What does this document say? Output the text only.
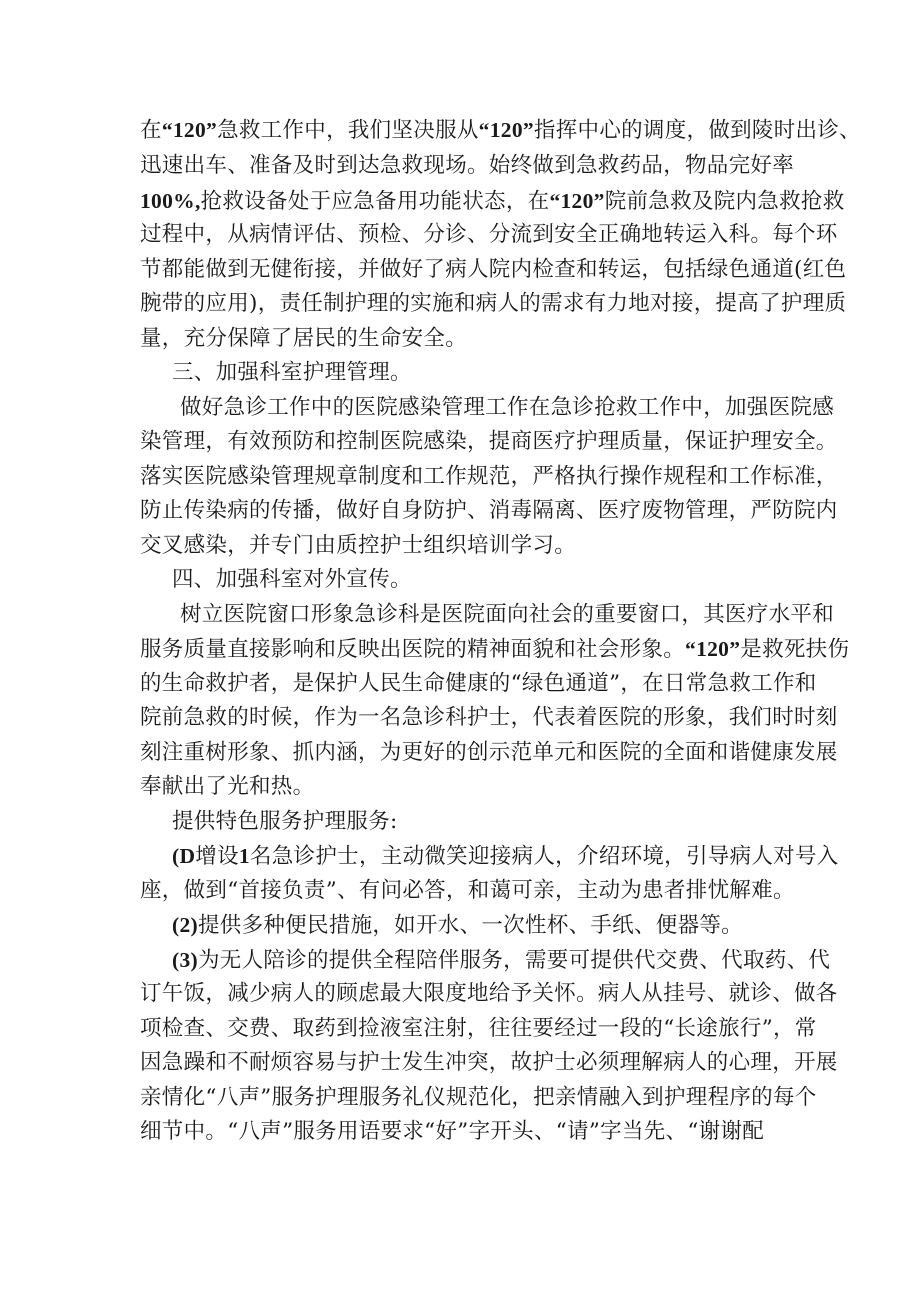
在“120”急救工作中，我们坚决服从“120”指挥中心的调度，做到陵时出诊、
迅速出车、准备及时到达急救现场。始终做到急救药品，物品完好率
100%,抢救设备处于应急备用功能状态，在“120”院前急救及院内急救抢救
过程中，从病情评估、预检、分诊、分流到安全正确地转运入科。每个环
节都能做到无健衔接，并做好了病人院内检查和转运，包括绿色通道(红色
腕带的应用)，责任制护理的实施和病人的需求有力地对接，提高了护理质
量，充分保障了居民的生命安全。
三、加强科室护理管理。
做好急诊工作中的医院感染管理工作在急诊抢救工作中，加强医院感
染管理，有效预防和控制医院感染，提商医疗护理质量，保证护理安全。
落实医院感染管理规章制度和工作规范，严格执行操作规程和工作标准，
防止传染病的传播，做好自身防护、消毒隔离、医疗废物管理，严防院内
交叉感染，并专门由质控护士组织培训学习。
四、加强科室对外宣传。
树立医院窗口形象急诊科是医院面向社会的重要窗口，其医疗水平和
服务质量直接影响和反映出医院的精神面貌和社会形象。“120”是救死扶伤
的生命救护者，是保护人民生命健康的“绿色通道”，在日常急救工作和
院前急救的时候，作为一名急诊科护士，代表着医院的形象，我们时时刻
刻注重树形象、抓内涵，为更好的创示范单元和医院的全面和谐健康发展
奉献出了光和热。
提供特色服务护理服务:
(D增设1名急诊护士，主动微笑迎接病人，介绍环境，引导病人对号入
座，做到“首接负责”、有问必答，和蔼可亲，主动为患者排忧解难。
(2)提供多种便民措施，如开水、一次性杯、手纸、便器等。
(3)为无人陪诊的提供全程陪伴服务，需要可提供代交费、代取药、代
订午饭，减少病人的顾虑最大限度地给予关怀。病人从挂号、就诊、做各
项检查、交费、取药到捡液室注射，往往要经过一段的“长途旅行”，常
因急躁和不耐烦容易与护士发生冲突，故护士必须理解病人的心理，开展
亲情化“八声”服务护理服务礼仪规范化，把亲情融入到护理程序的每个
细节中。“八声”服务用语要求“好”字开头、“请”字当先、“谢谢配
